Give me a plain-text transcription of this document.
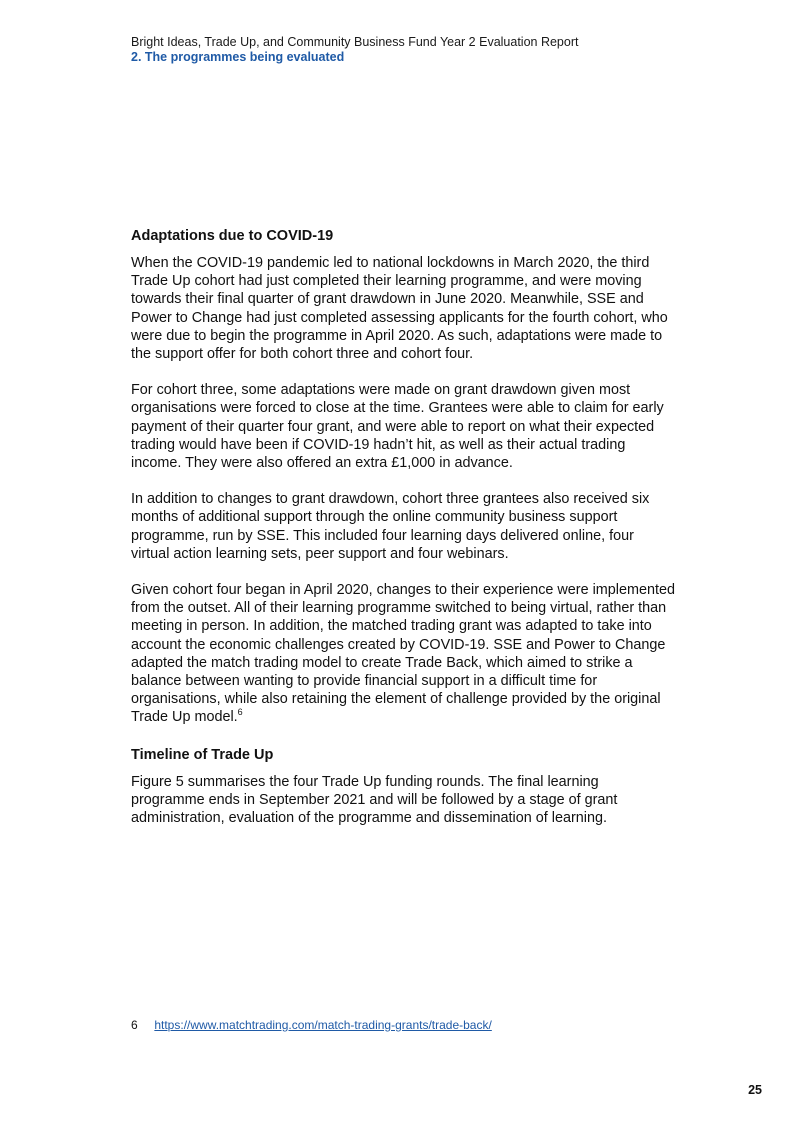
Bright Ideas, Trade Up, and Community Business Fund Year 2 Evaluation Report
2. The programmes being evaluated
Adaptations due to COVID-19

When the COVID-19 pandemic led to national lockdowns in March 2020, the third Trade Up cohort had just completed their learning programme, and were moving towards their final quarter of grant drawdown in June 2020. Meanwhile, SSE and Power to Change had just completed assessing applicants for the fourth cohort, who were due to begin the programme in April 2020. As such, adaptations were made to the support offer for both cohort three and cohort four.

For cohort three, some adaptations were made on grant drawdown given most organisations were forced to close at the time. Grantees were able to claim for early payment of their quarter four grant, and were able to report on what their expected trading would have been if COVID-19 hadn’t hit, as well as their actual trading income. They were also offered an extra £1,000 in advance.

In addition to changes to grant drawdown, cohort three grantees also received six months of additional support through the online community business support programme, run by SSE. This included four learning days delivered online, four virtual action learning sets, peer support and four webinars.

Given cohort four began in April 2020, changes to their experience were implemented from the outset. All of their learning programme switched to being virtual, rather than meeting in person. In addition, the matched trading grant was adapted to take into account the economic challenges created by COVID-19. SSE and Power to Change adapted the match trading model to create Trade Back, which aimed to strike a balance between wanting to provide financial support in a difficult time for organisations, while also retaining the element of challenge provided by the original Trade Up model.$^6$

Timeline of Trade Up

Figure 5 summarises the four Trade Up funding rounds. The final learning programme ends in September 2021 and will be followed by a stage of grant administration, evaluation of the programme and dissemination of learning.

6 https://www.matchtrading.com/match-trading-grants/trade-back/
25
